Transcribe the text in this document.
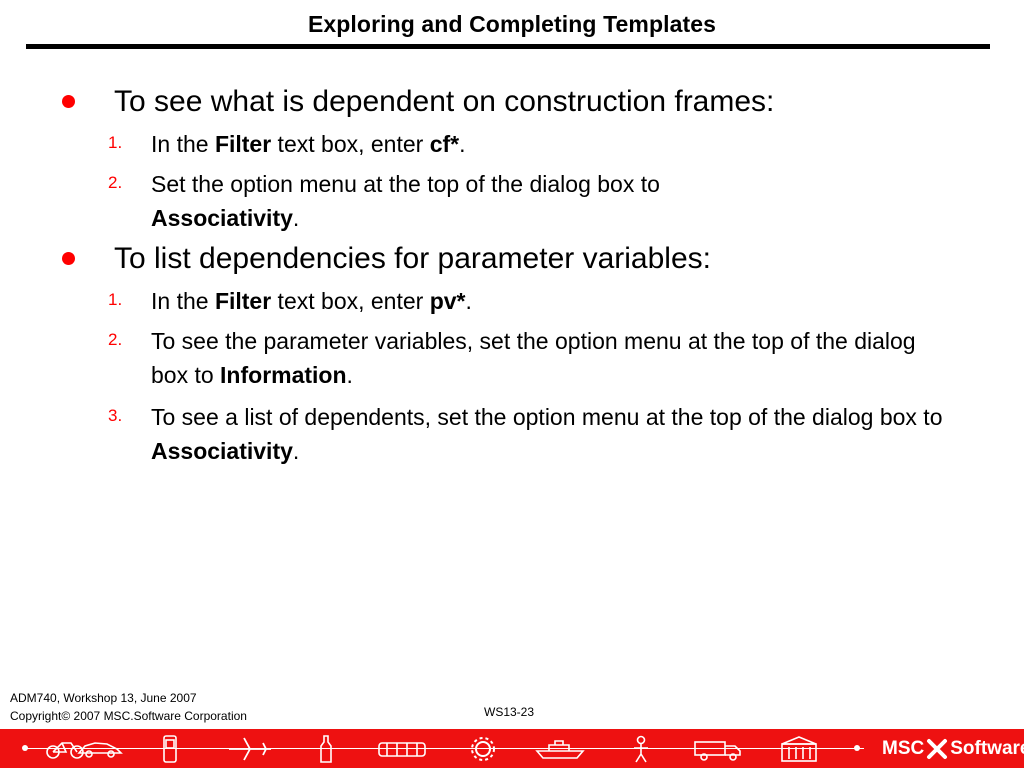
Exploring and Completing Templates
To see what is dependent on construction frames:
1. In the Filter text box, enter cf*.
2. Set the option menu at the top of the dialog box to Associativity.
To list dependencies for parameter variables:
1. In the Filter text box, enter pv*.
2. To see the parameter variables, set the option menu at the top of the dialog box to Information.
3. To see a list of dependents, set the option menu at the top of the dialog box to Associativity.
ADM740, Workshop 13, June 2007
Copyright© 2007 MSC.Software Corporation	WS13-23
MSC Software ·
